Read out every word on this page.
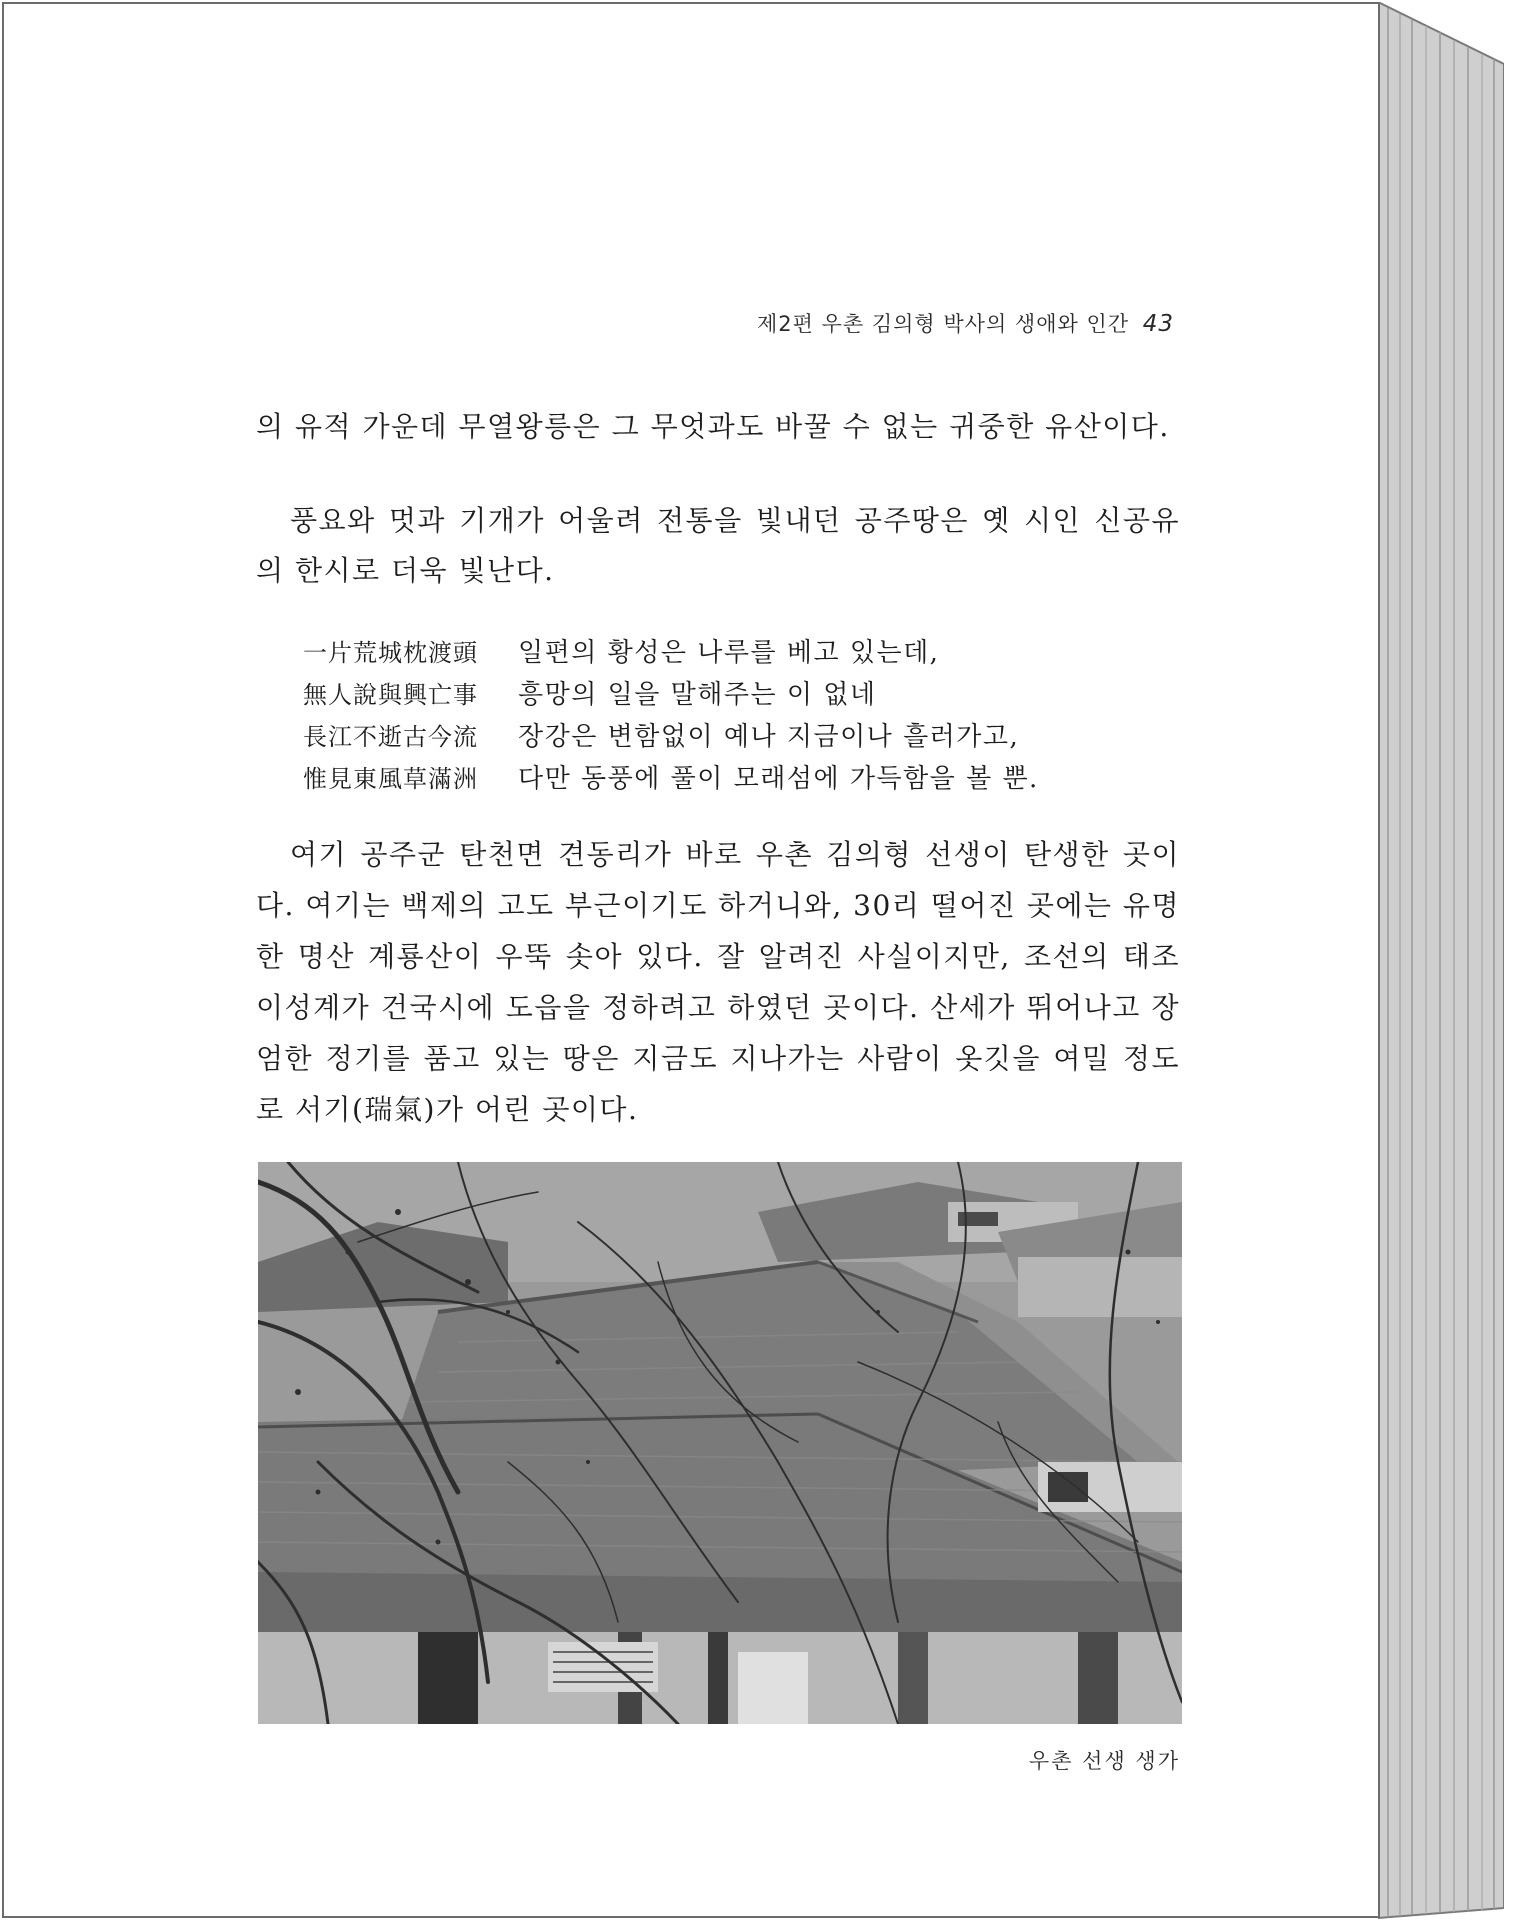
제2편 우촌 김의형 박사의 생애와 인간 43
의 유적 가운데 무열왕릉은 그 무엇과도 바꿀 수 없는 귀중한 유산이다.
풍요와 멋과 기개가 어울려 전통을 빛내던 공주땅은 옛 시인 신공유의 한시로 더욱 빛난다.
一片荒城枕渡頭	일편의 황성은 나루를 베고 있는데,
無人說與興亡事	흥망의 일을 말해주는 이 없네
長江不逝古今流	장강은 변함없이 예나 지금이나 흘러가고,
惟見東風草滿洲	다만 동풍에 풀이 모래섬에 가득함을 볼 뿐.
여기 공주군 탄천면 견동리가 바로 우촌 김의형 선생이 탄생한 곳이다. 여기는 백제의 고도 부근이기도 하거니와, 30리 떨어진 곳에는 유명한 명산 계룡산이 우뚝 솟아 있다. 잘 알려진 사실이지만, 조선의 태조 이성계가 건국시에 도읍을 정하려고 하였던 곳이다. 산세가 뛰어나고 장엄한 정기를 품고 있는 땅은 지금도 지나가는 사람이 옷깃을 여밀 정도로 서기(瑞氣)가 어린 곳이다.
우촌 선생 생가
